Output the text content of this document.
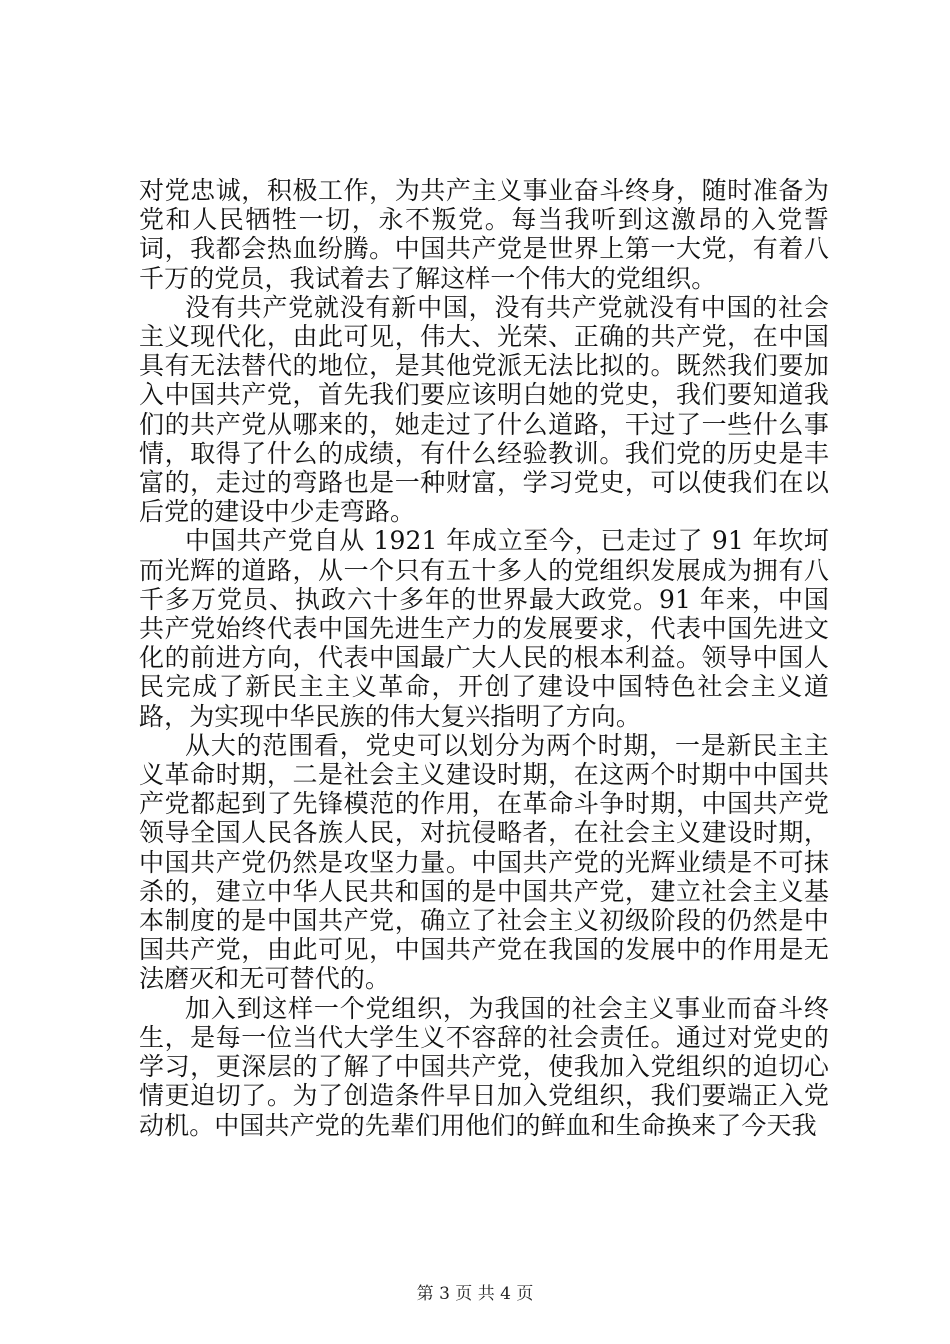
对党忠诚，积极工作，为共产主义事业奋斗终身，随时准备为党和人民牺牲一切，永不叛党。每当我听到这激昂的入党誓词，我都会热血纷腾。中国共产党是世界上第一大党，有着八千万的党员，我试着去了解这样一个伟大的党组织。

没有共产党就没有新中国，没有共产党就没有中国的社会主义现代化，由此可见，伟大、光荣、正确的共产党，在中国具有无法替代的地位，是其他党派无法比拟的。既然我们要加入中国共产党，首先我们要应该明白她的党史，我们要知道我们的共产党从哪来的，她走过了什么道路，干过了一些什么事情，取得了什么的成绩，有什么经验教训。我们党的历史是丰富的，走过的弯路也是一种财富，学习党史，可以使我们在以后党的建设中少走弯路。

中国共产党自从 1921 年成立至今，已走过了 91 年坎坷而光辉的道路，从一个只有五十多人的党组织发展成为拥有八千多万党员、执政六十多年的世界最大政党。91 年来，中国共产党始终代表中国先进生产力的发展要求，代表中国先进文化的前进方向，代表中国最广大人民的根本利益。领导中国人民完成了新民主主义革命，开创了建设中国特色社会主义道路，为实现中华民族的伟大复兴指明了方向。

从大的范围看，党史可以划分为两个时期，一是新民主主义革命时期，二是社会主义建设时期，在这两个时期中中国共产党都起到了先锋模范的作用，在革命斗争时期，中国共产党领导全国人民各族人民，对抗侵略者，在社会主义建设时期，中国共产党仍然是攻坚力量。中国共产党的光辉业绩是不可抹杀的，建立中华人民共和国的是中国共产党，建立社会主义基本制度的是中国共产党，确立了社会主义初级阶段的仍然是中国共产党，由此可见，中国共产党在我国的发展中的作用是无法磨灭和无可替代的。

加入到这样一个党组织，为我国的社会主义事业而奋斗终生，是每一位当代大学生义不容辞的社会责任。通过对党史的学习，更深层的了解了中国共产党，使我加入党组织的迫切心情更迫切了。为了创造条件早日加入党组织，我们要端正入党动机。中国共产党的先辈们用他们的鲜血和生命换来了今天我

第 3 页 共 4 页
